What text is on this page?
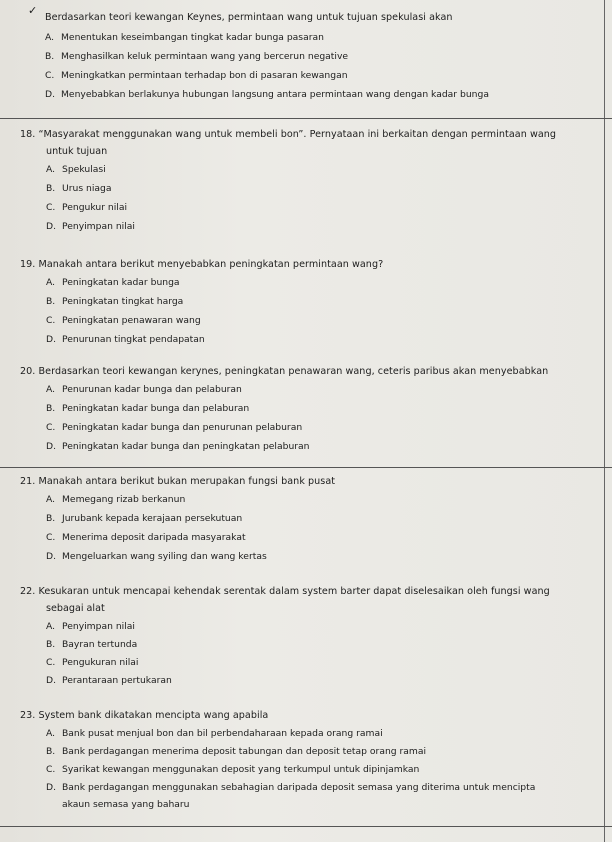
✓
Berdasarkan teori kewangan Keynes, permintaan wang untuk tujuan spekulasi akan
A. Menentukan keseimbangan tingkat kadar bunga pasaran
B. Menghasilkan keluk permintaan wang yang bercerun negative
C. Meningkatkan permintaan terhadap bon di pasaran kewangan
D. Menyebabkan berlakunya hubungan langsung antara permintaan wang dengan kadar bunga
18. “Masyarakat menggunakan wang untuk membeli bon”. Pernyataan ini berkaitan dengan permintaan wang
untuk tujuan
A. Spekulasi
B. Urus niaga
C. Pengukur nilai
D. Penyimpan nilai
19. Manakah antara berikut menyebabkan peningkatan permintaan wang?
A. Peningkatan kadar bunga
B. Peningkatan tingkat harga
C. Peningkatan penawaran wang
D. Penurunan tingkat pendapatan
20. Berdasarkan teori kewangan kerynes, peningkatan penawaran wang, ceteris paribus akan menyebabkan
A. Penurunan kadar bunga dan pelaburan
B. Peningkatan kadar bunga dan pelaburan
C. Peningkatan kadar bunga dan penurunan pelaburan
D. Peningkatan kadar bunga dan peningkatan pelaburan
21. Manakah antara berikut bukan merupakan fungsi bank pusat
A. Memegang rizab berkanun
B. Jurubank kepada kerajaan persekutuan
C. Menerima deposit daripada masyarakat
D. Mengeluarkan wang syiling dan wang kertas
22. Kesukaran untuk mencapai kehendak serentak dalam system barter dapat diselesaikan oleh fungsi wang
sebagai alat
A. Penyimpan nilai
B. Bayran tertunda
C. Pengukuran nilai
D. Perantaraan pertukaran
23. System bank dikatakan mencipta wang apabila
A. Bank pusat menjual bon dan bil perbendaharaan kepada orang ramai
B. Bank perdagangan menerima deposit tabungan dan deposit tetap orang ramai
C. Syarikat kewangan menggunakan deposit yang terkumpul untuk dipinjamkan
D. Bank perdagangan menggunakan sebahagian daripada deposit semasa yang diterima untuk mencipta
akaun semasa yang baharu
